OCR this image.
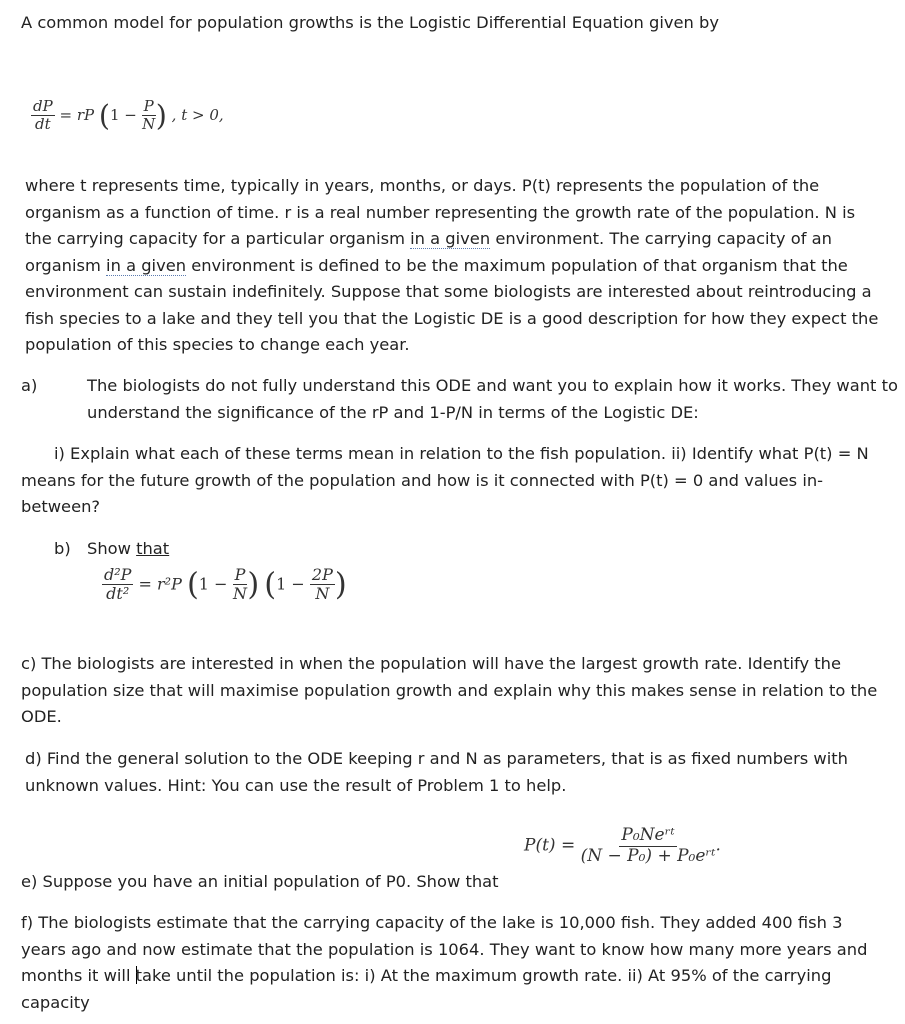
A common model for population growths is the Logistic Differential Equation given by

$\frac{dP}{dt}$ = rP ($1 - \frac{P}{N}$ ) , t > 0,

where t represents time, typically in years, months, or days. P(t) represents the population of the organism as a function of time. r is a real number representing the growth rate of the population. N is the carrying capacity for a particular organism in a given environment. The carrying capacity of an organism in a given environment is defined to be the maximum population of that organism that the environment can sustain indefinitely. Suppose that some biologists are interested about reintroducing a fish species to a lake and they tell you that the Logistic DE is a good description for how they expect the population of this species to change each year.

a)	The biologists do not fully understand this ODE and want you to explain how it works. They want to understand the significance of the rP and 1-P/N in terms of the Logistic DE:

i) Explain what each of these terms mean in relation to the fish population. ii) Identify what P(t) = N means for the future growth of the population and how is it connected with P(t) = 0 and values in-between?

b) Show that

$\frac{\text{d²P}}{\text{dt²}} = r^2P$ ($1 - \frac{P}{N}$ ) ($1 - \frac{2P}{N}$ )

c) The biologists are interested in when the population will have the largest growth rate. Identify the population size that will maximise population growth and explain why this makes sense in relation to the ODE.

d) Find the general solution to the ODE keeping r and N as parameters, that is as fixed numbers with unknown values. Hint: You can use the result of Problem 1 to help.

$P(t) = \frac{\text{P₀Neʳᵗ}}{\text{(N − P₀) + P₀eʳᵗ}}$ .

e) Suppose you have an initial population of P0. Show that

f) The biologists estimate that the carrying capacity of the lake is 10,000 fish. They added 400 fish 3 years ago and now estimate that the population is 1064. They want to know how many more years and months it will take until the population is: i) At the maximum growth rate. ii) At 95% of the carrying capacity
